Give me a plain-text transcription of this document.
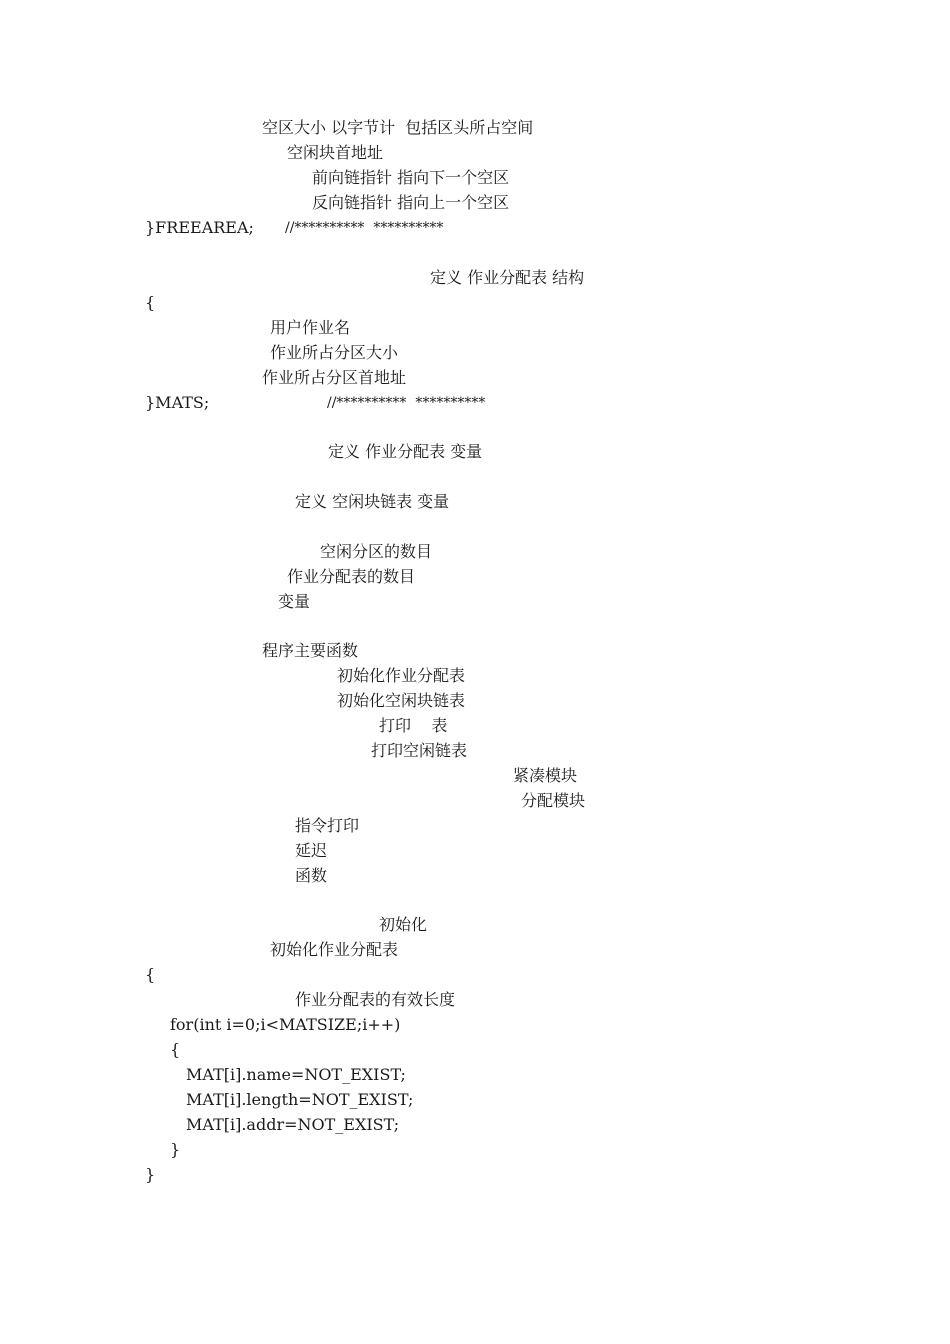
空区大小 以字节计  包括区头所占空间
空闲块首地址
前向链指针 指向下一个空区
反向链指针 指向上一个空区
}FREEAREA; //**********  **********
定义 作业分配表 结构
{
用户作业名
作业所占分区大小
作业所占分区首地址
}MATS;	//**********  **********
定义 作业分配表 变量
定义 空闲块链表 变量
空闲分区的数目
作业分配表的数目
变量
程序主要函数
初始化作业分配表
初始化空闲块链表
打印    表
打印空闲链表
紧凑模块
分配模块
指令打印
延迟
函数
初始化
初始化作业分配表
{
作业分配表的有效长度
for(int i=0;i<MATSIZE;i++)
{
MAT[i].name=NOT_EXIST;
MAT[i].length=NOT_EXIST;
MAT[i].addr=NOT_EXIST;
}
}
